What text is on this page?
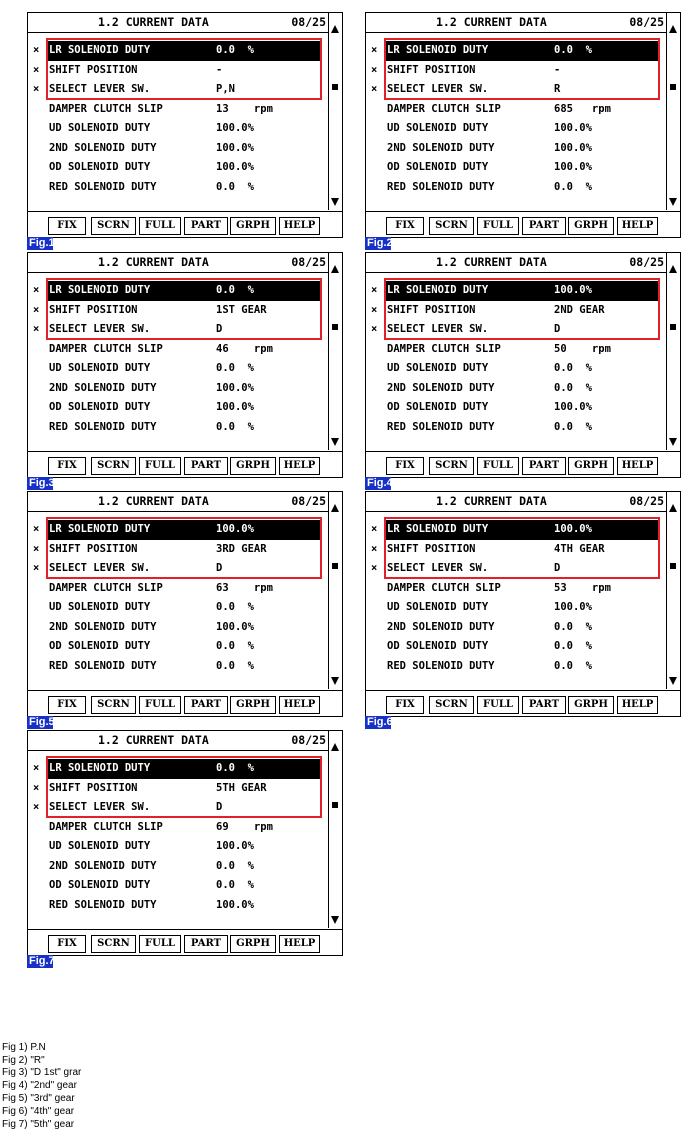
1.2 CURRENT DATA	08/25
× LR SOLENOID DUTY	0.0  %
× SHIFT POSITION	-
× SELECT LEVER SW.	P,N
DAMPER CLUTCH SLIP	13    rpm
UD SOLENOID DUTY	100.0%
2ND SOLENOID DUTY	100.0%
OD SOLENOID DUTY	100.0%
RED SOLENOID DUTY	0.0  %
FIX	SCRN	FULL	PART	GRPH	HELP
Fig.1
1.2 CURRENT DATA	08/25
× LR SOLENOID DUTY	0.0  %
× SHIFT POSITION	-
× SELECT LEVER SW.	R
DAMPER CLUTCH SLIP	685   rpm
UD SOLENOID DUTY	100.0%
2ND SOLENOID DUTY	100.0%
OD SOLENOID DUTY	100.0%
RED SOLENOID DUTY	0.0  %
FIX	SCRN	FULL	PART	GRPH	HELP
Fig.2
1.2 CURRENT DATA	08/25
× LR SOLENOID DUTY	0.0  %
× SHIFT POSITION	1ST GEAR
× SELECT LEVER SW.	D
DAMPER CLUTCH SLIP	46    rpm
UD SOLENOID DUTY	0.0  %
2ND SOLENOID DUTY	100.0%
OD SOLENOID DUTY	100.0%
RED SOLENOID DUTY	0.0  %
FIX	SCRN	FULL	PART	GRPH	HELP
Fig.3
1.2 CURRENT DATA	08/25
× LR SOLENOID DUTY	100.0%
× SHIFT POSITION	2ND GEAR
× SELECT LEVER SW.	D
DAMPER CLUTCH SLIP	50    rpm
UD SOLENOID DUTY	0.0  %
2ND SOLENOID DUTY	0.0  %
OD SOLENOID DUTY	100.0%
RED SOLENOID DUTY	0.0  %
FIX	SCRN	FULL	PART	GRPH	HELP
Fig.4
1.2 CURRENT DATA	08/25
× LR SOLENOID DUTY	100.0%
× SHIFT POSITION	3RD GEAR
× SELECT LEVER SW.	D
DAMPER CLUTCH SLIP	63    rpm
UD SOLENOID DUTY	0.0  %
2ND SOLENOID DUTY	100.0%
OD SOLENOID DUTY	0.0  %
RED SOLENOID DUTY	0.0  %
FIX	SCRN	FULL	PART	GRPH	HELP
Fig.5
1.2 CURRENT DATA	08/25
× LR SOLENOID DUTY	100.0%
× SHIFT POSITION	4TH GEAR
× SELECT LEVER SW.	D
DAMPER CLUTCH SLIP	53    rpm
UD SOLENOID DUTY	100.0%
2ND SOLENOID DUTY	0.0  %
OD SOLENOID DUTY	0.0  %
RED SOLENOID DUTY	0.0  %
FIX	SCRN	FULL	PART	GRPH	HELP
Fig.6
1.2 CURRENT DATA	08/25
× LR SOLENOID DUTY	0.0  %
× SHIFT POSITION	5TH GEAR
× SELECT LEVER SW.	D
DAMPER CLUTCH SLIP	69    rpm
UD SOLENOID DUTY	100.0%
2ND SOLENOID DUTY	0.0  %
OD SOLENOID DUTY	0.0  %
RED SOLENOID DUTY	100.0%
FIX	SCRN	FULL	PART	GRPH	HELP
Fig.7
Fig 1) P.N
Fig 2) "R"
Fig 3) "D 1st" grar
Fig 4) "2nd" gear
Fig 5) "3rd" gear
Fig 6) "4th" gear
Fig 7) "5th" gear
